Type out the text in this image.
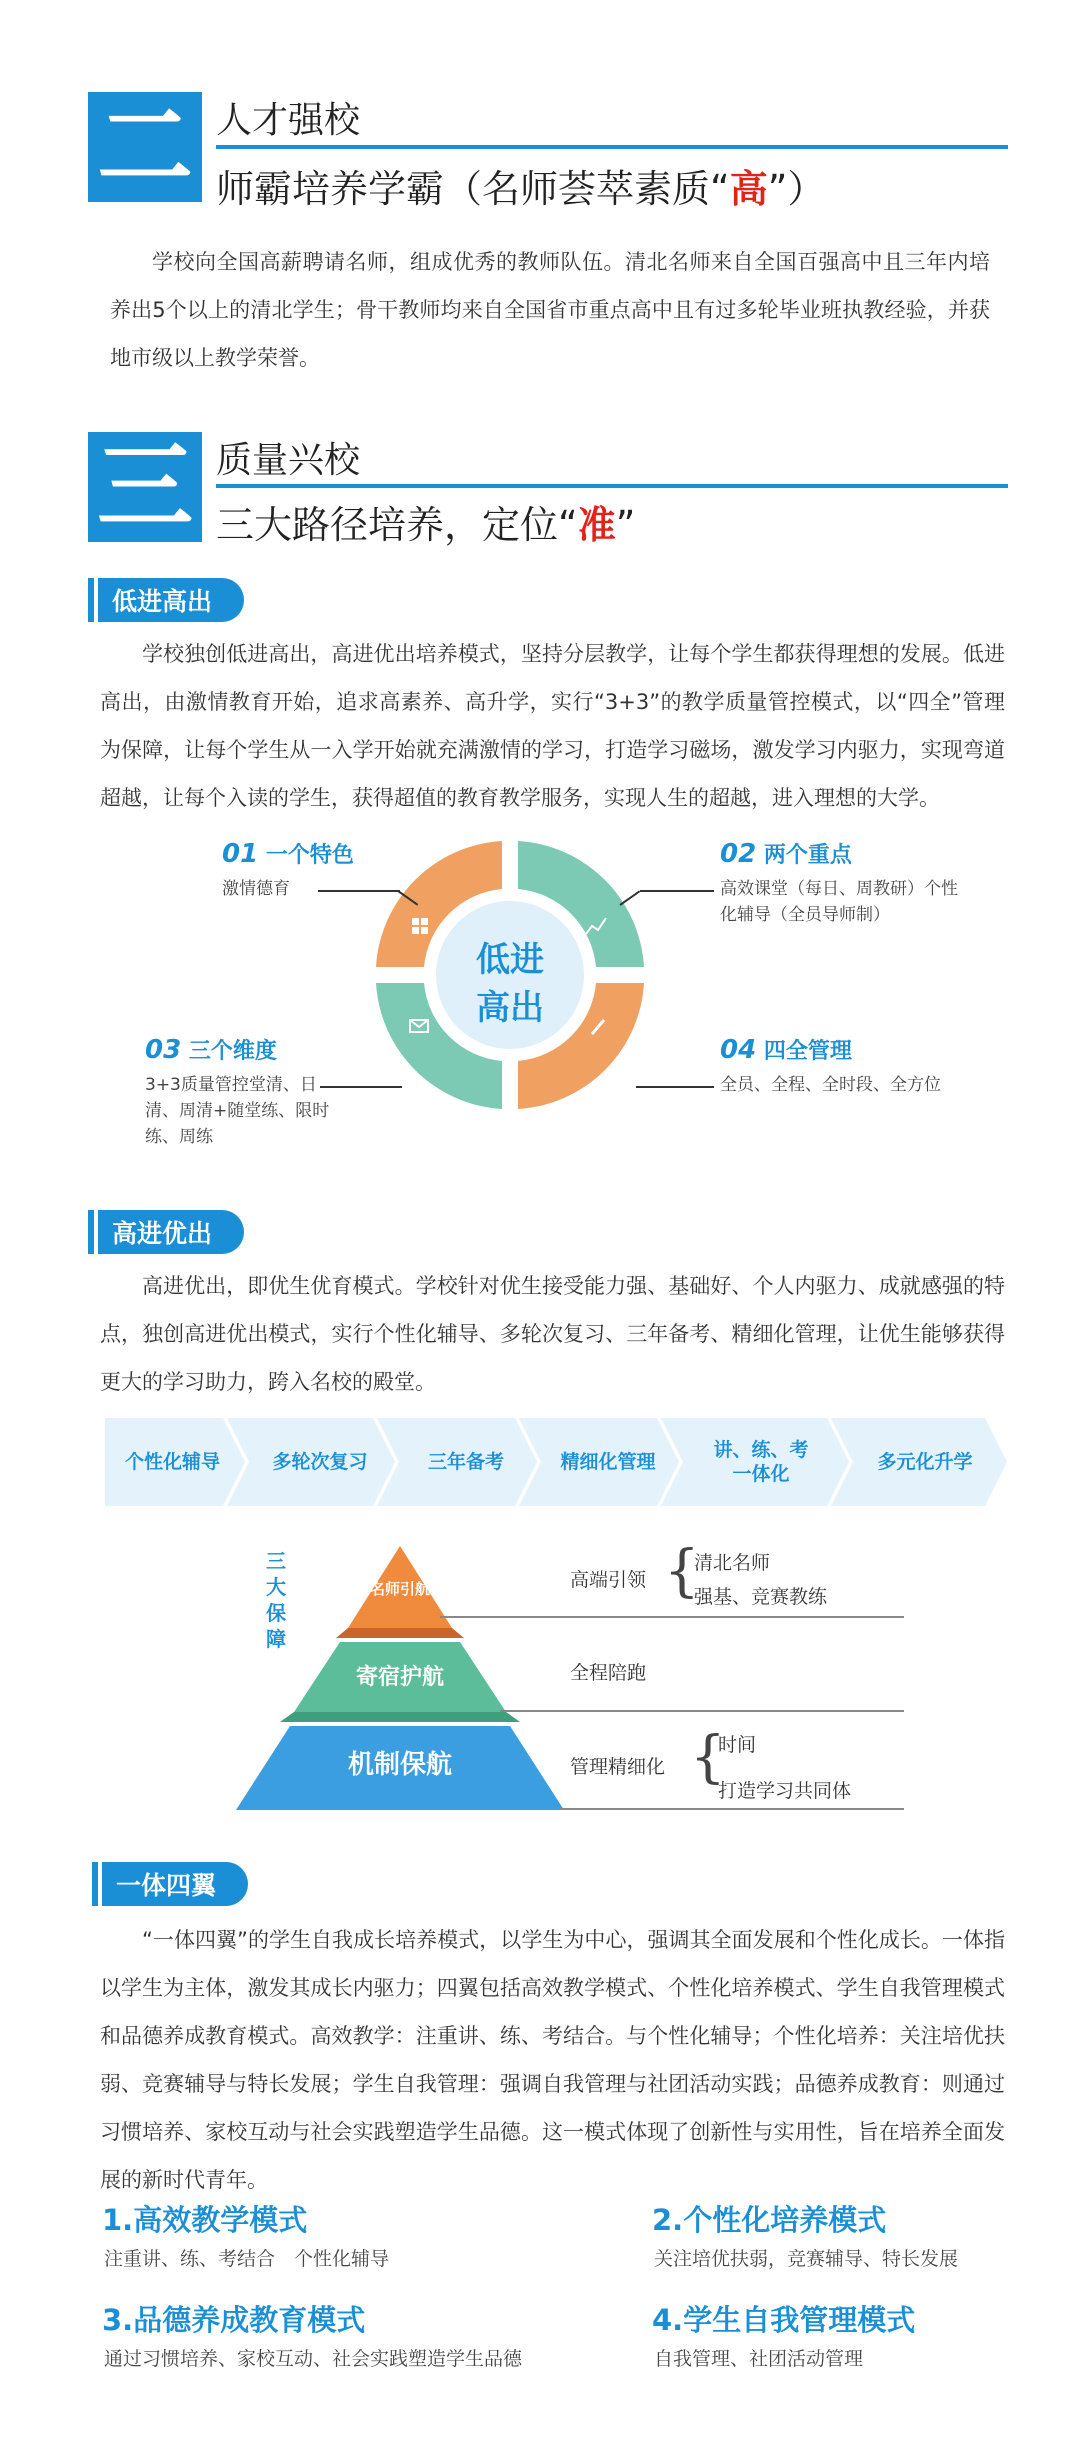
二 人才强校
师霸培养学霸（名师荟萃素质“高”）
学校向全国高薪聘请名师，组成优秀的教师队伍。清北名师来自全国百强高中且三年内培养出5个以上的清北学生；骨干教师均来自全国省市重点高中且有过多轮毕业班执教经验，并获地市级以上教学荣誉。
三 质量兴校
三大路径培养，定位“准”
低进高出
学校独创低进高出，高进优出培养模式，坚持分层教学，让每个学生都获得理想的发展。低进高出，由激情教育开始，追求高素养、高升学，实行“3+3”的教学质量管控模式，以“四全”管理为保障，让每个学生从一入学开始就充满激情的学习，打造学习磁场，激发学习内驱力，实现弯道超越，让每个入读的学生，获得超值的教育教学服务，实现人生的超越，进入理想的大学。
低进
高出
01 一个特色
激情德育
02 两个重点
高效课堂（每日、周教研）个性化辅导（全员导师制）
03 三个维度
3+3质量管控堂清、日清、周清+随堂练、限时练、周练
04 四全管理
全员、全程、全时段、全方位
高进优出
高进优出，即优生优育模式。学校针对优生接受能力强、基础好、个人内驱力、成就感强的特点，独创高进优出模式，实行个性化辅导、多轮次复习、三年备考、精细化管理，让优生能够获得更大的学习助力，跨入名校的殿堂。
个性化辅导	多轮次复习	三年备考	精细化管理
讲、练、考一体化
多元化升学
三大保障
名师引航
寄宿护航
机制保航
高端引领 {
清北名师
强基、竞赛教练
全程陪跑
管理精细化 {
时间
打造学习共同体
一体四翼
“一体四翼”的学生自我成长培养模式，以学生为中心，强调其全面发展和个性化成长。一体指以学生为主体，激发其成长内驱力；四翼包括高效教学模式、个性化培养模式、学生自我管理模式和品德养成教育模式。高效教学：注重讲、练、考结合。与个性化辅导；个性化培养：关注培优扶弱、竞赛辅导与特长发展；学生自我管理：强调自我管理与社团活动实践；品德养成教育：则通过习惯培养、家校互动与社会实践塑造学生品德。这一模式体现了创新性与实用性，旨在培养全面发展的新时代青年。
1.高效教学模式
注重讲、练、考结合　个性化辅导
2.个性化培养模式
关注培优扶弱，竞赛辅导、特长发展
3.品德养成教育模式
通过习惯培养、家校互动、社会实践塑造学生品德
4.学生自我管理模式
自我管理、社团活动管理
